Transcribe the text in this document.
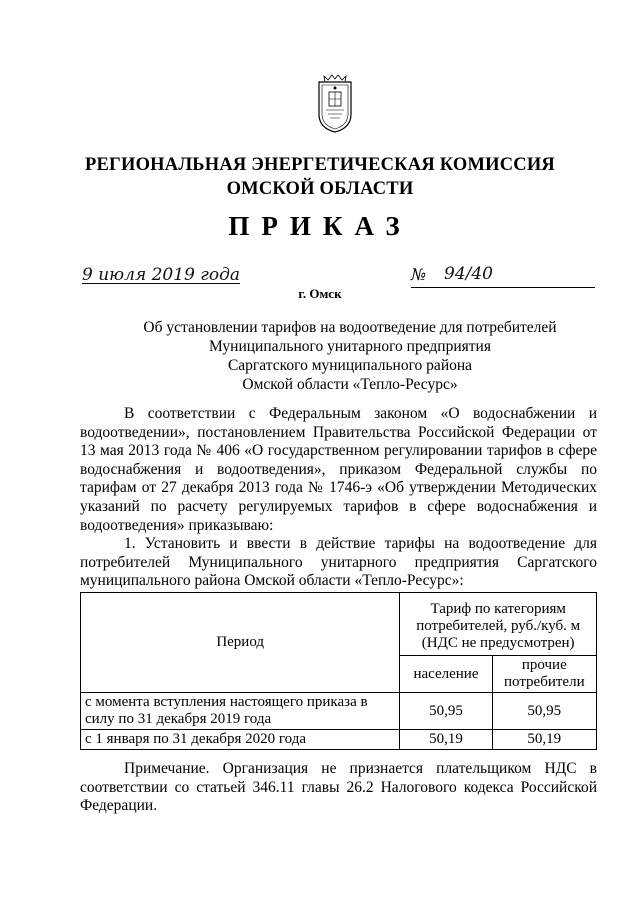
РЕГИОНАЛЬНАЯ ЭНЕРГЕТИЧЕСКАЯ КОМИССИЯ
ОМСКОЙ ОБЛАСТИ
ПРИКАЗ
9 июля 2019 года	№ 94/40
г. Омск
Об установлении тарифов на водоотведение для потребителей
Муниципального унитарного предприятия
Саргатского муниципального района
Омской области «Тепло-Ресурс»

В соответствии с Федеральным законом «О водоснабжении и водоотведении», постановлением Правительства Российской Федерации от 13 мая 2013 года № 406 «О государственном регулировании тарифов в сфере водоснабжения и водоотведения», приказом Федеральной службы по тарифам от 27 декабря 2013 года № 1746-э «Об утверждении Методических указаний по расчету регулируемых тарифов в сфере водоснабжения и водоотведения» приказываю:

1. Установить и ввести в действие тарифы на водоотведение для потребителей Муниципального унитарного предприятия Саргатского муниципального района Омской области «Тепло-Ресурс»:

Период	Тариф по категориям потребителей, руб./куб. м (НДС не предусмотрен)	
	население	прочие потребители
с момента вступления настоящего приказа в силу по 31 декабря 2019 года	50,95	50,95
с 1 января по 31 декабря 2020 года	50,19	50,19

Примечание. Организация не признается плательщиком НДС в соответствии со статьей 346.11 главы 26.2 Налогового кодекса Российской Федерации.
